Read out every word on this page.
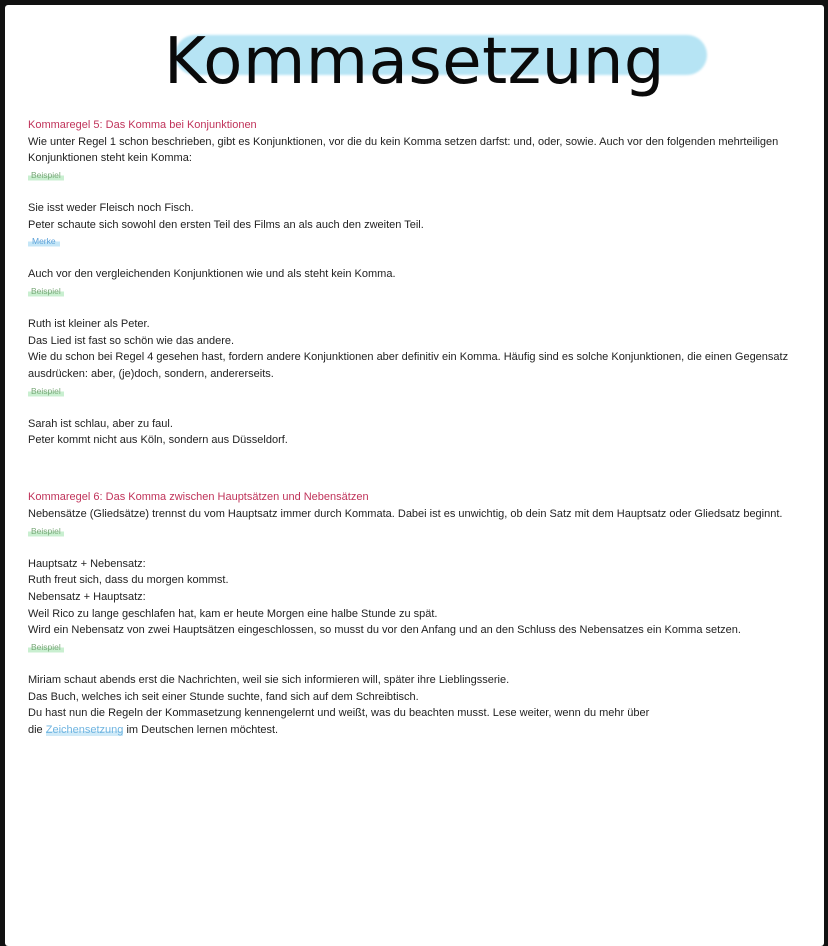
Kommasetzung

Kommaregel 5: Das Komma bei Konjunktionen

Wie unter Regel 1 schon beschrieben, gibt es Konjunktionen, vor die du kein Komma setzen darfst: und, oder, sowie. Auch vor den folgenden mehrteiligen Konjunktionen steht kein Komma:

Beispiel

Sie isst weder Fleisch noch Fisch.

Peter schaute sich sowohl den ersten Teil des Films an als auch den zweiten Teil.

Merke

Auch vor den vergleichenden Konjunktionen wie und als steht kein Komma.

Beispiel

Ruth ist kleiner als Peter.

Das Lied ist fast so schön wie das andere.

Wie du schon bei Regel 4 gesehen hast, fordern andere Konjunktionen aber definitiv ein Komma. Häufig sind es solche Konjunktionen, die einen Gegensatz ausdrücken: aber, (je)doch, sondern, andererseits.

Beispiel

Sarah ist schlau, aber zu faul.

Peter kommt nicht aus Köln, sondern aus Düsseldorf.

Kommaregel 6: Das Komma zwischen Hauptsätzen und Nebensätzen

Nebensätze (Gliedsätze) trennst du vom Hauptsatz immer durch Kommata. Dabei ist es unwichtig, ob dein Satz mit dem Hauptsatz oder Gliedsatz beginnt.

Beispiel

Hauptsatz + Nebensatz:

Ruth freut sich, dass du morgen kommst.

Nebensatz + Hauptsatz:

Weil Rico zu lange geschlafen hat, kam er heute Morgen eine halbe Stunde zu spät.

Wird ein Nebensatz von zwei Hauptsätzen eingeschlossen, so musst du vor den Anfang und an den Schluss des Nebensatzes ein Komma setzen.

Beispiel

Miriam schaut abends erst die Nachrichten, weil sie sich informieren will, später ihre Lieblingsserie.

Das Buch, welches ich seit einer Stunde suchte, fand sich auf dem Schreibtisch.

Du hast nun die Regeln der Kommasetzung kennengelernt und weißt, was du beachten musst. Lese weiter, wenn du mehr über

die Zeichensetzung im Deutschen lernen möchtest.
